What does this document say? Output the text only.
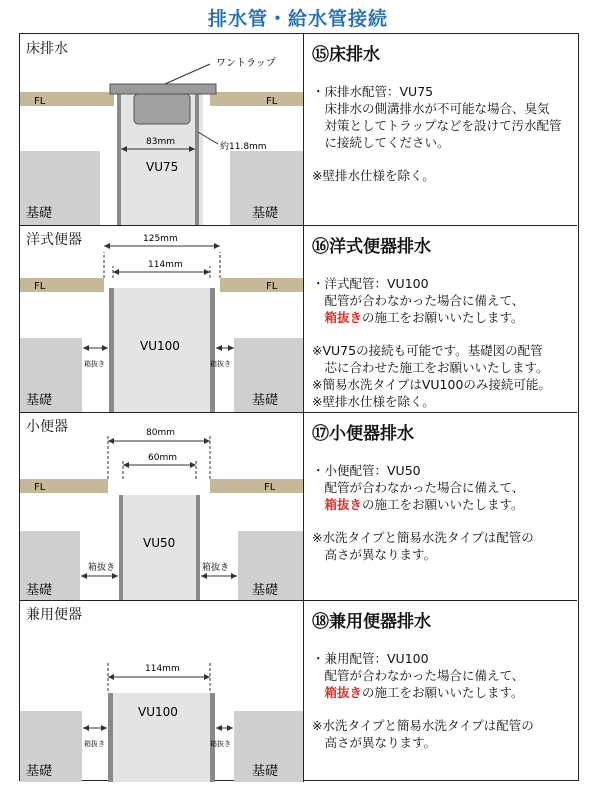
排水管・給水管接続
ワントラップ
FL	FL
83mm	約11.8mm
VU75
基礎	基礎
床排水	⑮床排水

・床排水配管：VU75

　床排水の側溝排水が不可能な場合、臭気

　対策としてトラップなどを設けて汚水配管

　に接続してください。

※壁排水仕様を除く。

125mm
114mm
VU100
FL	FL
箱抜き	箱抜き
基礎	基礎
洋式便器	⑯洋式便器排水

・洋式配管：VU100

　配管が合わなかった場合に備えて、

　箱抜きの施工をお願いいたします。

※VU75の接続も可能です。基礎図の配管

　芯に合わせた施工をお願いいたします。

※簡易水洗タイプはVU100のみ接続可能。

※壁排水仕様を除く。

80mm
60mm
VU50
FL	FL
箱抜き	箱抜き
基礎	基礎
小便器	⑰小便器排水

・小便配管：VU50

　配管が合わなかった場合に備えて、

　箱抜きの施工をお願いいたします。

※水洗タイプと簡易水洗タイプは配管の

　高さが異なります。

114mm
VU100
箱抜き	箱抜き
基礎	基礎
兼用便器	⑱兼用便器排水

・兼用配管：VU100

　配管が合わなかった場合に備えて、

　箱抜きの施工をお願いいたします。

※水洗タイプと簡易水洗タイプは配管の

　高さが異なります。
